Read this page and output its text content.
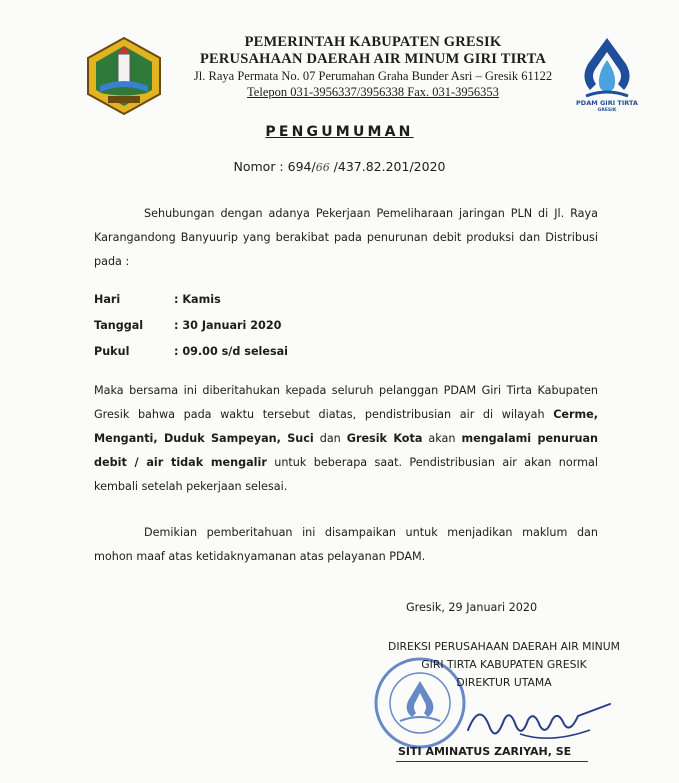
PEMERINTAH KABUPATEN GRESIK
PERUSAHAAN DAERAH AIR MINUM GIRI TIRTA
Jl. Raya Permata No. 07 Perumahan Graha Bunder Asri – Gresik 61122
Telepon 031-3956337/3956338 Fax. 031-3956353
PDAM GIRI TIRTA
GRESIK
PENGUMUMAN
Nomor : 694/66 /437.82.201/2020
Sehubungan dengan adanya Pekerjaan Pemeliharaan jaringan PLN di Jl. Raya Karangandong Banyuurip yang berakibat pada penurunan debit produksi dan Distribusi pada :
Hari	: Kamis
Tanggal	: 30 Januari 2020
Pukul	: 09.00 s/d selesai
Maka bersama ini diberitahukan kepada seluruh pelanggan PDAM Giri Tirta Kabupaten Gresik bahwa pada waktu tersebut diatas, pendistribusian air di wilayah Cerme, Menganti, Duduk Sampeyan, Suci dan Gresik Kota akan mengalami penuruan debit / air tidak mengalir untuk beberapa saat. Pendistribusian air akan normal kembali setelah pekerjaan selesai.
Demikian pemberitahuan ini disampaikan untuk menjadikan maklum dan mohon maaf atas ketidaknyamanan atas pelayanan PDAM.
Gresik, 29 Januari 2020
DIREKSI PERUSAHAAN DAERAH AIR MINUM
GIRI TIRTA KABUPATEN GRESIK
DIREKTUR UTAMA
SITI AMINATUS ZARIYAH, SE
